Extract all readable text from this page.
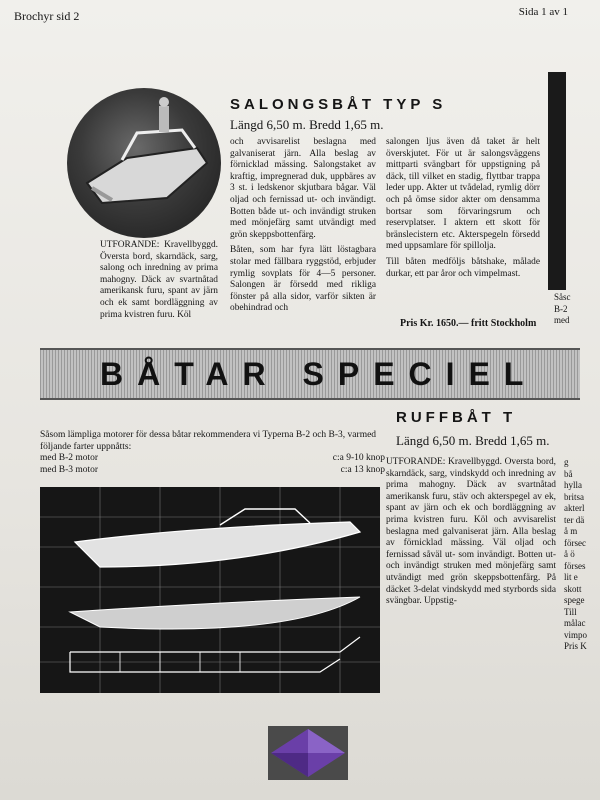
Brochyr sid 2	Sida 1 av 1
SALONGSBÅT TYP S
Längd 6,50 m. Bredd 1,65 m.

UTFÖRANDE: Kravellbyggd. Översta bord, skarndäck, sarg, salong och inredning av prima mahogny. Däck av svartnåtad amerikansk furu, spant av järn och ek samt bordläggning av prima kvistren furu. Köl

och avvisarelist beslagna med galvaniserat järn. Alla beslag av förnicklad mässing. Salongstaket av kraftig, impregnerad duk, uppbäres av 3 st. i ledskenor skjutbara bågar. Väl oljad och fernissad ut- och invändigt. Botten både ut- och invändigt struken med mönjefärg samt utvändigt med grön skeppsbottenfärg.

Båten, som har fyra lätt löstagbara stolar med fällbara ryggstöd, erbjuder rymlig sovplats för 4—5 personer. Salongen är försedd med rikliga fönster på alla sidor, varför sikten är obehindrad och

salongen ljus även då taket är helt överskjutet. För ut är salongsväggens mittparti svängbart för uppstigning på däck, till vilket en stadig, flyttbar trappa leder upp. Akter ut tvådelad, rymlig dörr och på ömse sidor akter om densamma bortsar som förvaringsrum och reservplatser. I aktern ett skott för bränslecistern etc. Akterspegeln försedd med uppsamlare för spillolja.

Till båten medföljs båtshake, målade durkar, ett par åror och vimpelmast.

Pris Kr. 1650.— fritt Stockholm
Såsc
B-2
med
BÅTAR SPECIEL
Såsom lämpliga motorer för dessa båtar rekommendera vi Typerna B-2 och B-3, varmed följande farter uppnåtts:
med B-2 motor	c:a 9-10 knop
med B-3 motor	c:a 13 knop
RUFFBÅT T
Längd 6,50 m. Bredd 1,65 m.

UTFÖRANDE: Kravellbyggd. Översta bord, skarndäck, sarg, vindskydd och inredning av prima mahogny. Däck av svartnåtad amerikansk furu, stäv och akterspegel av ek, spant av järn och ek och bordläggning av prima kvistren furu. Köl och avvisarelist beslagna med galvaniserat järn. Alla beslag av förnicklad mässing. Väl oljad och fernissad såväl ut- som invändigt. Botten ut- och invändigt struken med mönjefärg samt utvändigt med grön skeppsbottenfärg. På däcket 3-delat vindskydd med styrbords sida svängbar. Uppstig-

g
bå
hylla
britsa
akterl
ter dä
å m
försec
å ö
förses
lit e
skott
spege
Till
målac
vimpo
Pris K
